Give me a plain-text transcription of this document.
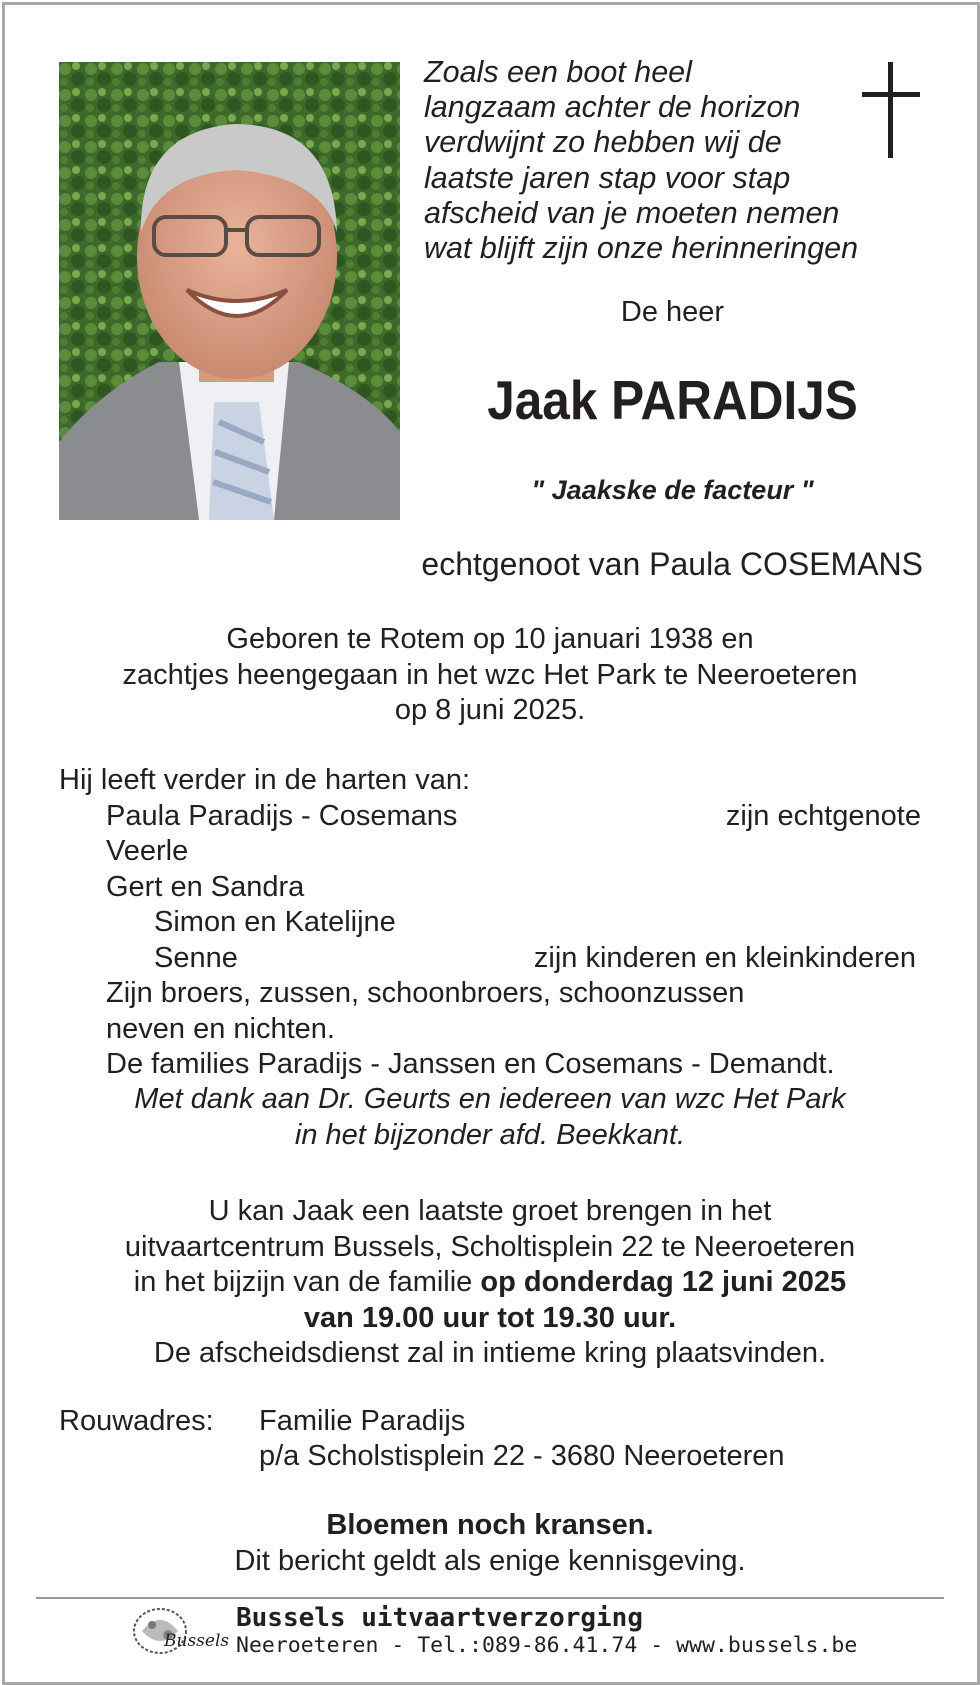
Zoals een boot heel
langzaam achter de horizon
verdwijnt zo hebben wij de
laatste jaren stap voor stap
afscheid van je moeten nemen
wat blijft zijn onze herinneringen
De heer
Jaak PARADIJS
" Jaakske de facteur "
echtgenoot van Paula COSEMANS
Geboren te Rotem op 10 januari 1938 en
zachtjes heengegaan in het wzc Het Park te Neeroeteren
op 8 juni 2025.
Hij leeft verder in de harten van:
Paula Paradijs - Cosemans	zijn echtgenote
Veerle
Gert en Sandra
Simon en Katelijne
Senne	zijn kinderen en kleinkinderen
Zijn broers, zussen, schoonbroers, schoonzussen
neven en nichten.
De families Paradijs - Janssen en Cosemans - Demandt.
Met dank aan Dr. Geurts en iedereen van wzc Het Park
in het bijzonder afd. Beekkant.
U kan Jaak een laatste groet brengen in het
uitvaartcentrum Bussels, Scholtisplein 22 te Neeroeteren
in het bijzijn van de familie op donderdag 12 juni 2025
van 19.00 uur tot 19.30 uur.
De afscheidsdienst zal in intieme kring plaatsvinden.
Rouwadres: Familie Paradijs
p/a Scholstisplein 22 - 3680 Neeroeteren
Bloemen noch kransen.
Dit bericht geldt als enige kennisgeving.
Bussels
Bussels uitvaartverzorging
Neeroeteren - Tel.:089-86.41.74 - www.bussels.be
